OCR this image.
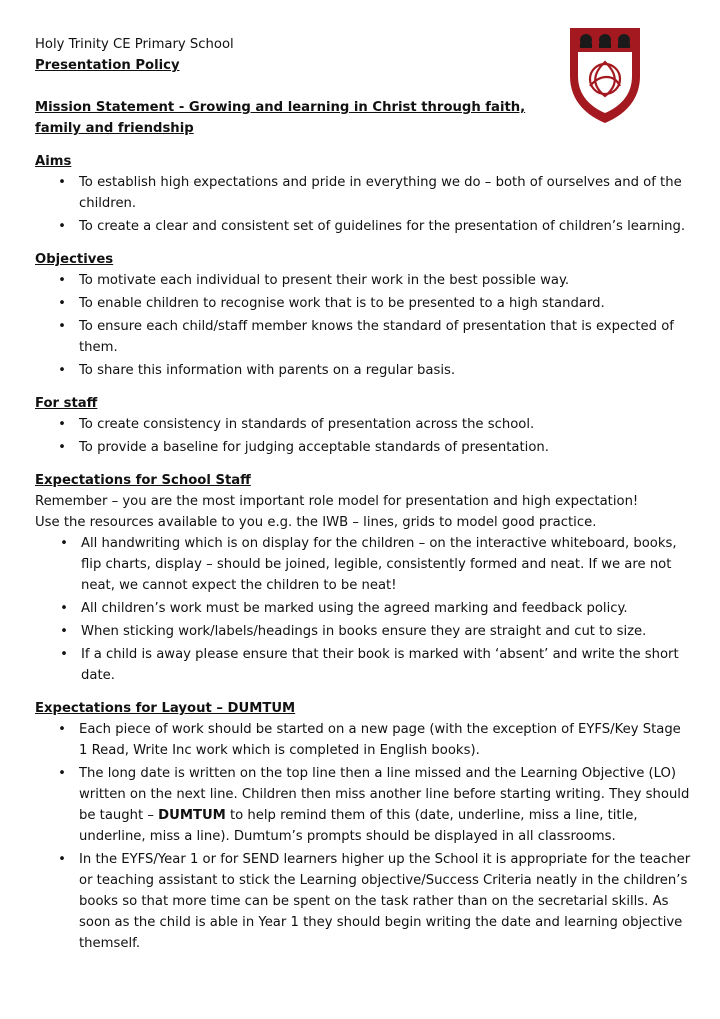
Holy Trinity CE Primary School
Presentation Policy
Mission Statement - Growing and learning in Christ through faith, family and friendship
Aims
• To establish high expectations and pride in everything we do – both of ourselves and of the children.
• To create a clear and consistent set of guidelines for the presentation of children’s learning.
Objectives
• To motivate each individual to present their work in the best possible way.
• To enable children to recognise work that is to be presented to a high standard.
• To ensure each child/staff member knows the standard of presentation that is expected of them.
• To share this information with parents on a regular basis.
For staff
• To create consistency in standards of presentation across the school.
• To provide a baseline for judging acceptable standards of presentation.
Expectations for School Staff
Remember – you are the most important role model for presentation and high expectation!
Use the resources available to you e.g. the IWB – lines, grids to model good practice.
• All handwriting which is on display for the children – on the interactive whiteboard, books, flip charts, display – should be joined, legible, consistently formed and neat. If we are not neat, we cannot expect the children to be neat!
• All children’s work must be marked using the agreed marking and feedback policy.
• When sticking work/labels/headings in books ensure they are straight and cut to size.
• If a child is away please ensure that their book is marked with ‘absent’ and write the short date.
Expectations for Layout – DUMTUM
• Each piece of work should be started on a new page (with the exception of EYFS/Key Stage 1 Read, Write Inc work which is completed in English books).
• The long date is written on the top line then a line missed and the Learning Objective (LO) written on the next line. Children then miss another line before starting writing. They should be taught – DUMTUM to help remind them of this (date, underline, miss a line, title, underline, miss a line). Dumtum’s prompts should be displayed in all classrooms.
• In the EYFS/Year 1 or for SEND learners higher up the School it is appropriate for the teacher or teaching assistant to stick the Learning objective/Success Criteria neatly in the children’s books so that more time can be spent on the task rather than on the secretarial skills. As soon as the child is able in Year 1 they should begin writing the date and learning objective themself.
